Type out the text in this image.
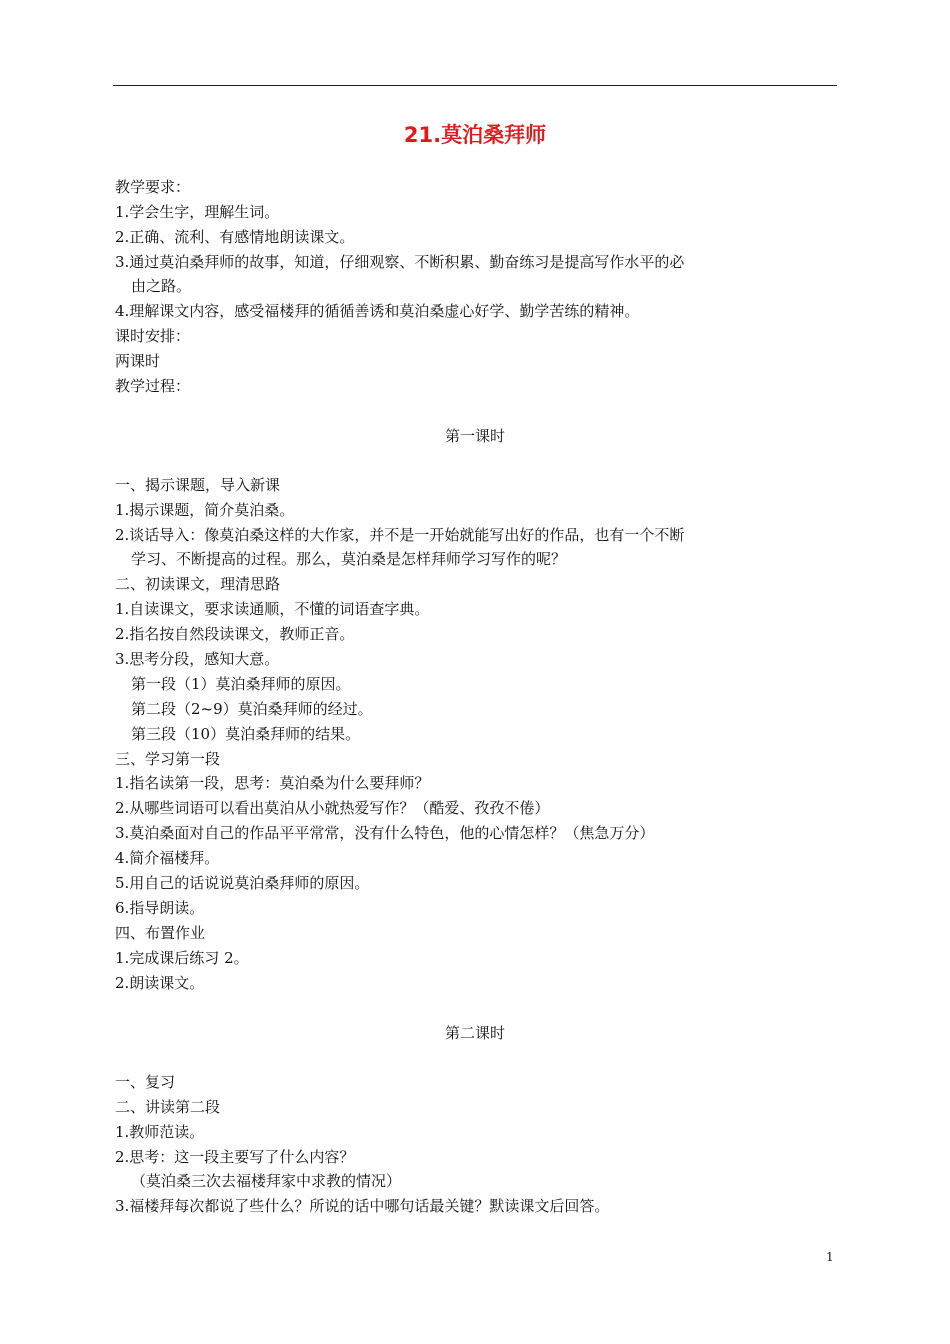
21.莫泊桑拜师
教学要求：
1.学会生字，理解生词。
2.正确、流利、有感情地朗读课文。
3.通过莫泊桑拜师的故事，知道，仔细观察、不断积累、勤奋练习是提高写作水平的必
由之路。
4.理解课文内容，感受福楼拜的循循善诱和莫泊桑虚心好学、勤学苦练的精神。
课时安排：
两课时
教学过程：
第一课时
一、揭示课题，导入新课
1.揭示课题，简介莫泊桑。
2.谈话导入：像莫泊桑这样的大作家，并不是一开始就能写出好的作品，也有一个不断
学习、不断提高的过程。那么，莫泊桑是怎样拜师学习写作的呢？
二、初读课文，理清思路
1.自读课文，要求读通顺，不懂的词语查字典。
2.指名按自然段读课文，教师正音。
3.思考分段，感知大意。
第一段（1）莫泊桑拜师的原因。
第二段（2~9）莫泊桑拜师的经过。
第三段（10）莫泊桑拜师的结果。
三、学习第一段
1.指名读第一段，思考：莫泊桑为什么要拜师？
2.从哪些词语可以看出莫泊从小就热爱写作？（酷爱、孜孜不倦）
3.莫泊桑面对自己的作品平平常常，没有什么特色，他的心情怎样？（焦急万分）
4.简介福楼拜。
5.用自己的话说说莫泊桑拜师的原因。
6.指导朗读。
四、布置作业
1.完成课后练习 2。
2.朗读课文。
第二课时
一、复习
二、讲读第二段
1.教师范读。
2.思考：这一段主要写了什么内容？
（莫泊桑三次去福楼拜家中求教的情况）
3.福楼拜每次都说了些什么？所说的话中哪句话最关键？默读课文后回答。
1
